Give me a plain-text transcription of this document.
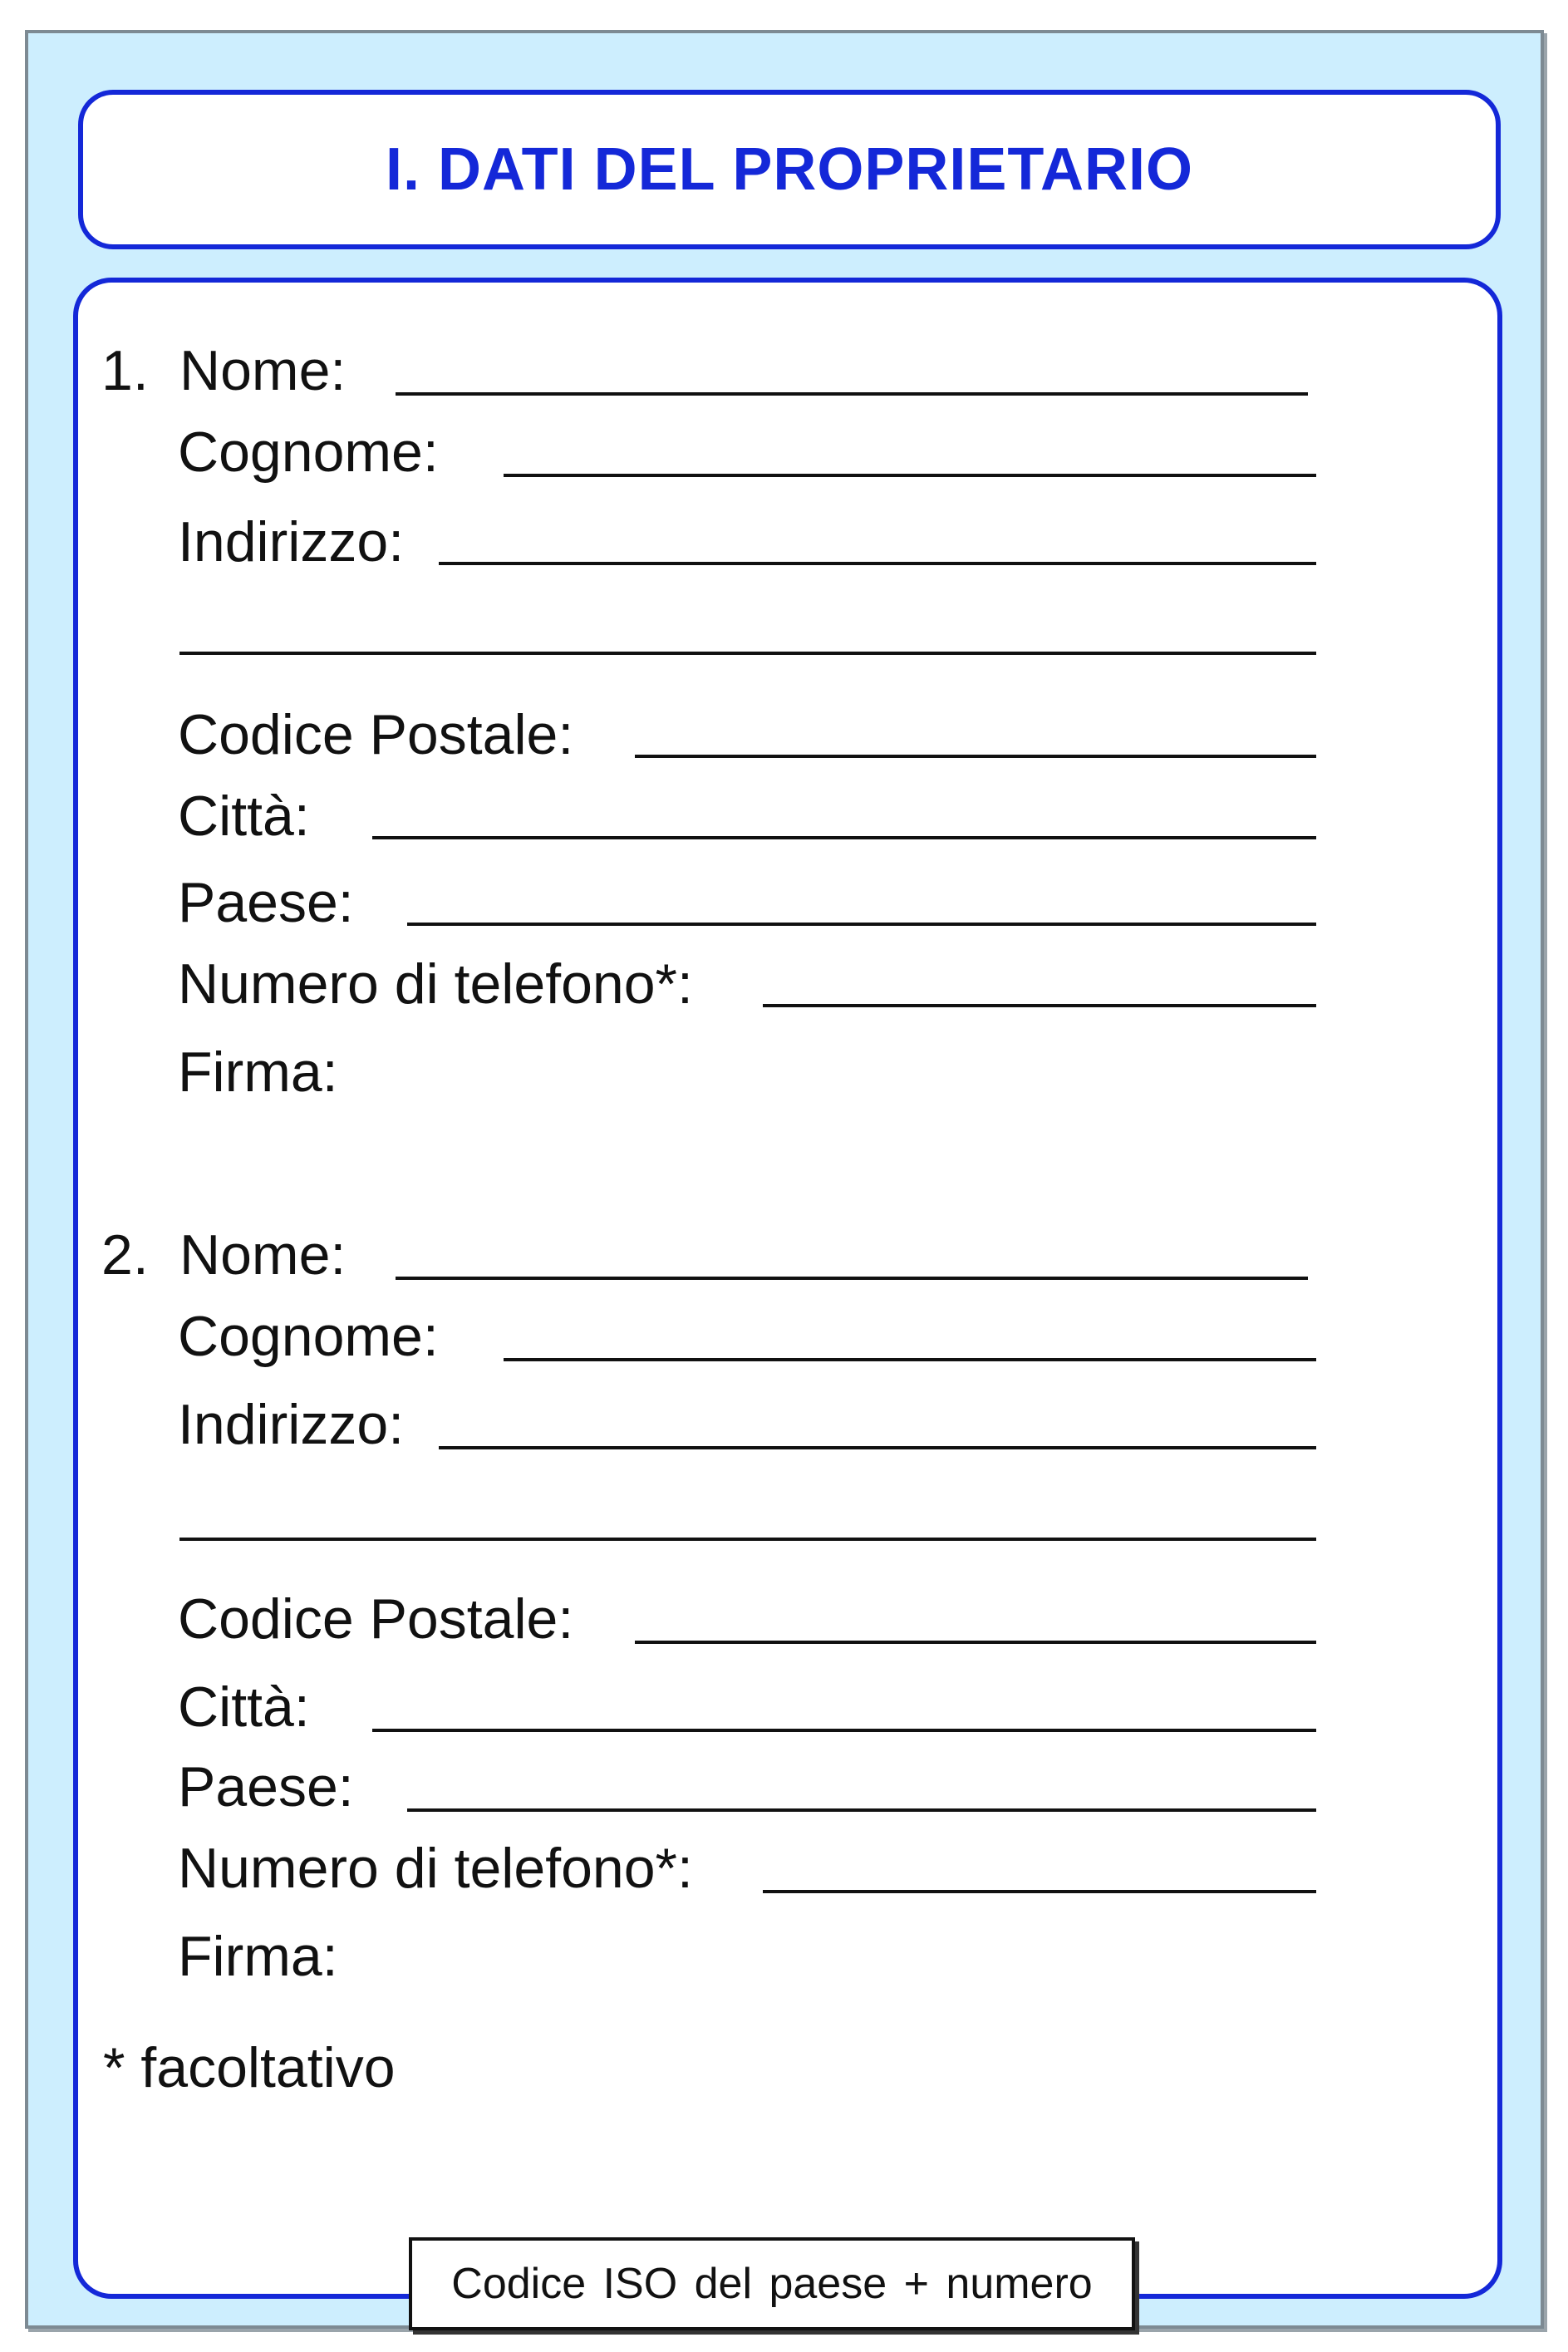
I. DATI DEL PROPRIETARIO
1. Nome:
Cognome:
Indirizzo:
Codice Postale:
Città:
Paese:
Numero di telefono*:
Firma:
2. Nome:
Cognome:
Indirizzo:
Codice Postale:
Città:
Paese:
Numero di telefono*:
Firma:
* facoltativo
Codice ISO del paese + numero
